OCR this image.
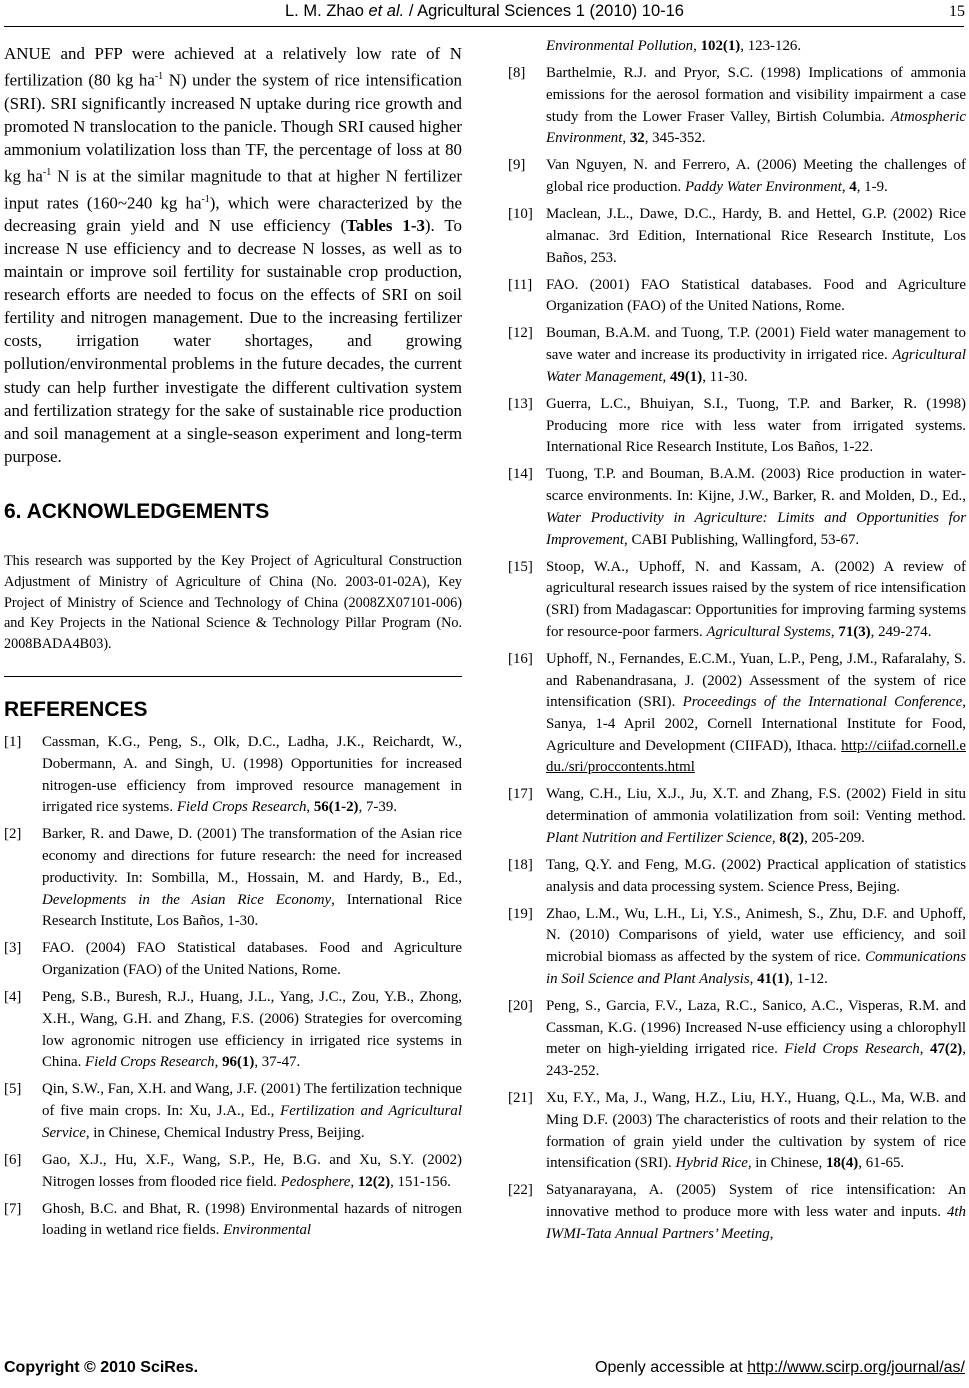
L. M. Zhao et al. / Agricultural Sciences 1 (2010) 10-16	15

ANUE and PFP were achieved at a relatively low rate of N fertilization (80 kg $ha^{-1}$ N) under the system of rice intensification (SRI). SRI significantly increased N uptake during rice growth and promoted N translocation to the panicle. Though SRI caused higher ammonium volatilization loss than TF, the percentage of loss at 80 kg $ha^{-1}$ N is at the similar magnitude to that at higher N fertilizer input rates (160~240 kg $ha^{-1}$), which were characterized by the decreasing grain yield and N use efficiency (Tables 1-3). To increase N use efficiency and to decrease N losses, as well as to maintain or improve soil fertility for sustainable crop production, research efforts are needed to focus on the effects of SRI on soil fertility and nitrogen management. Due to the increasing fertilizer costs, irrigation water shortages, and growing pollution/environmental problems in the future decades, the current study can help further investigate the different cultivation system and fertilization strategy for the sake of sustainable rice production and soil management at a single-season experiment and long-term purpose.

6. ACKNOWLEDGEMENTS

This research was supported by the Key Project of Agricultural Construction Adjustment of Ministry of Agriculture of China (No. 2003-01-02A), Key Project of Ministry of Science and Technology of China (2008ZX07101-006) and Key Projects in the National Science & Technology Pillar Program (No. 2008BADA4B03).

REFERENCES
[1] Cassman, K.G., Peng, S., Olk, D.C., Ladha, J.K., Reichardt, W., Dobermann, A. and Singh, U. (1998) Opportunities for increased nitrogen-use efficiency from improved resource management in irrigated rice systems. Field Crops Research, 56(1-2), 7-39.
[2] Barker, R. and Dawe, D. (2001) The transformation of the Asian rice economy and directions for future research: the need for increased productivity. In: Sombilla, M., Hossain, M. and Hardy, B., Ed., Developments in the Asian Rice Economy, International Rice Research Institute, Los Baños, 1-30.
[3] FAO. (2004) FAO Statistical databases. Food and Agriculture Organization (FAO) of the United Nations, Rome.
[4] Peng, S.B., Buresh, R.J., Huang, J.L., Yang, J.C., Zou, Y.B., Zhong, X.H., Wang, G.H. and Zhang, F.S. (2006) Strategies for overcoming low agronomic nitrogen use efficiency in irrigated rice systems in China. Field Crops Research, 96(1), 37-47.
[5] Qin, S.W., Fan, X.H. and Wang, J.F. (2001) The fertilization technique of five main crops. In: Xu, J.A., Ed., Fertilization and Agricultural Service, in Chinese, Chemical Industry Press, Beijing.
[6] Gao, X.J., Hu, X.F., Wang, S.P., He, B.G. and Xu, S.Y. (2002) Nitrogen losses from flooded rice field. Pedosphere, 12(2), 151-156.
[7] Ghosh, B.C. and Bhat, R. (1998) Environmental hazards of nitrogen loading in wetland rice fields. Environmental
Environmental Pollution, 102(1), 123-126.
[8] Barthelmie, R.J. and Pryor, S.C. (1998) Implications of ammonia emissions for the aerosol formation and visibility impairment a case study from the Lower Fraser Valley, Birtish Columbia. Atmospheric Environment, 32, 345-352.
[9] Van Nguyen, N. and Ferrero, A. (2006) Meeting the challenges of global rice production. Paddy Water Environment, 4, 1-9.
[10] Maclean, J.L., Dawe, D.C., Hardy, B. and Hettel, G.P. (2002) Rice almanac. 3rd Edition, International Rice Research Institute, Los Baños, 253.
[11] FAO. (2001) FAO Statistical databases. Food and Agriculture Organization (FAO) of the United Nations, Rome.
[12] Bouman, B.A.M. and Tuong, T.P. (2001) Field water management to save water and increase its productivity in irrigated rice. Agricultural Water Management, 49(1), 11-30.
[13] Guerra, L.C., Bhuiyan, S.I., Tuong, T.P. and Barker, R. (1998) Producing more rice with less water from irrigated systems. International Rice Research Institute, Los Baños, 1-22.
[14] Tuong, T.P. and Bouman, B.A.M. (2003) Rice production in water-scarce environments. In: Kijne, J.W., Barker, R. and Molden, D., Ed., Water Productivity in Agriculture: Limits and Opportunities for Improvement, CABI Publishing, Wallingford, 53-67.
[15] Stoop, W.A., Uphoff, N. and Kassam, A. (2002) A review of agricultural research issues raised by the system of rice intensification (SRI) from Madagascar: Opportunities for improving farming systems for resource-poor farmers. Agricultural Systems, 71(3), 249-274.
[16] Uphoff, N., Fernandes, E.C.M., Yuan, L.P., Peng, J.M., Rafaralahy, S. and Rabenandrasana, J. (2002) Assessment of the system of rice intensification (SRI). Proceedings of the International Conference, Sanya, 1-4 April 2002, Cornell International Institute for Food, Agriculture and Development (CIIFAD), Ithaca. http://ciifad.cornell.edu./sri/proccontents.html
[17] Wang, C.H., Liu, X.J., Ju, X.T. and Zhang, F.S. (2002) Field in situ determination of ammonia volatilization from soil: Venting method. Plant Nutrition and Fertilizer Science, 8(2), 205-209.
[18] Tang, Q.Y. and Feng, M.G. (2002) Practical application of statistics analysis and data processing system. Science Press, Bejing.
[19] Zhao, L.M., Wu, L.H., Li, Y.S., Animesh, S., Zhu, D.F. and Uphoff, N. (2010) Comparisons of yield, water use efficiency, and soil microbial biomass as affected by the system of rice. Communications in Soil Science and Plant Analysis, 41(1), 1-12.
[20] Peng, S., Garcia, F.V., Laza, R.C., Sanico, A.C., Visperas, R.M. and Cassman, K.G. (1996) Increased N-use efficiency using a chlorophyll meter on high-yielding irrigated rice. Field Crops Research, 47(2), 243-252.
[21] Xu, F.Y., Ma, J., Wang, H.Z., Liu, H.Y., Huang, Q.L., Ma, W.B. and Ming D.F. (2003) The characteristics of roots and their relation to the formation of grain yield under the cultivation by system of rice intensification (SRI). Hybrid Rice, in Chinese, 18(4), 61-65.
[22] Satyanarayana, A. (2005) System of rice intensification: An innovative method to produce more with less water and inputs. 4th IWMI-Tata Annual Partners’ Meeting,
Copyright © 2010 SciRes.	Openly accessible at http://www.scirp.org/journal/as/
